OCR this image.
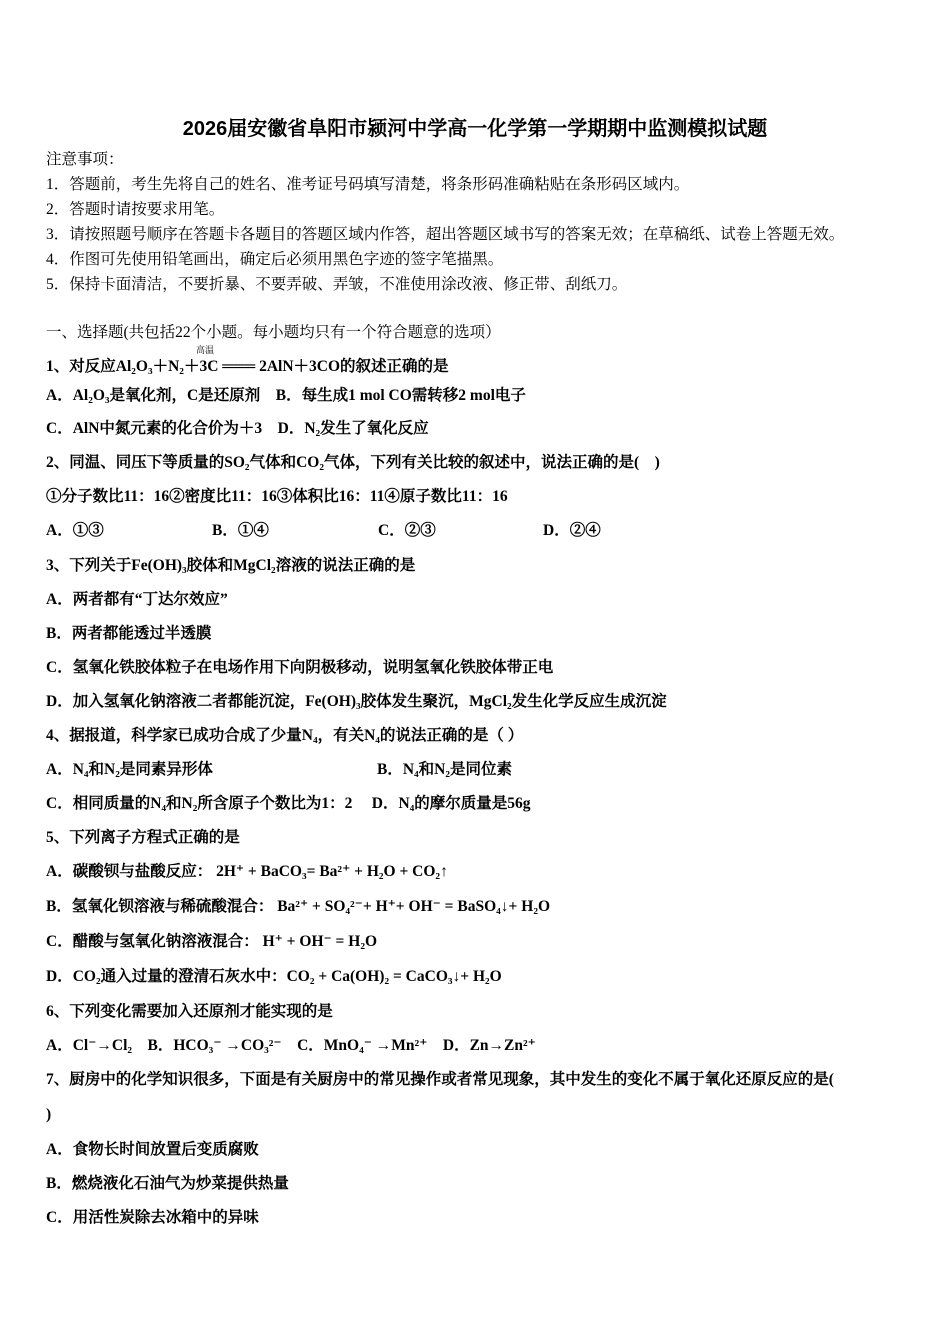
2026届安徽省阜阳市颍河中学高一化学第一学期期中监测模拟试题
注意事项：
1．答题前，考生先将自己的姓名、准考证号码填写清楚，将条形码准确粘贴在条形码区域内。
2．答题时请按要求用笔。
3．请按照题号顺序在答题卡各题目的答题区域内作答，超出答题区域书写的答案无效；在草稿纸、试卷上答题无效。
4．作图可先使用铅笔画出，确定后必须用黑色字迹的签字笔描黑。
5．保持卡面清洁，不要折暴、不要弄破、弄皱，不准使用涂改液、修正带、刮纸刀。
一、选择题(共包括22个小题。每小题均只有一个符合题意的选项）
高温
1、对反应Al₂O₃＋N₂＋3C ═══ 2AlN＋3CO的叙述正确的是
A．Al₂O₃是氧化剂，C是还原剂　B．每生成1 mol CO需转移2 mol电子
C．AlN中氮元素的化合价为＋3　D．N₂发生了氧化反应
2、同温、同压下等质量的SO₂气体和CO₂气体，下列有关比较的叙述中，说法正确的是(　)
①分子数比11：16②密度比11：16③体积比16：11④原子数比11：16
A．①③	B．①④	C．②③	D．②④
3、下列关于Fe(OH)₃胶体和MgCl₂溶液的说法正确的是
A．两者都有“丁达尔效应”
B．两者都能透过半透膜
C．氢氧化铁胶体粒子在电场作用下向阴极移动，说明氢氧化铁胶体带正电
D．加入氢氧化钠溶液二者都能沉淀，Fe(OH)₃胶体发生聚沉，MgCl₂发生化学反应生成沉淀
4、据报道，科学家已成功合成了少量N₄，有关N₄的说法正确的是（ ）
A．N₄和N₂是同素异形体	B．N₄和N₂是同位素
C．相同质量的N₄和N₂所含原子个数比为1：2　 D．N₄的摩尔质量是56g
5、下列离子方程式正确的是
A．碳酸钡与盐酸反应： 2H⁺ + BaCO₃= Ba²⁺ + H₂O + CO₂↑
B．氢氧化钡溶液与稀硫酸混合： Ba²⁺ + SO₄²⁻+ H⁺+ OH⁻ = BaSO₄↓+ H₂O
C．醋酸与氢氧化钠溶液混合： H⁺ + OH⁻ = H₂O
D．CO₂通入过量的澄清石灰水中：CO₂ + Ca(OH)₂ = CaCO₃↓+ H₂O
6、下列变化需要加入还原剂才能实现的是
A．Cl⁻→Cl₂　B．HCO₃⁻ →CO₃²⁻　C．MnO₄⁻ →Mn²⁺　D．Zn→Zn²⁺
7、厨房中的化学知识很多，下面是有关厨房中的常见操作或者常见现象，其中发生的变化不属于氧化还原反应的是(
)
A．食物长时间放置后变质腐败
B．燃烧液化石油气为炒菜提供热量
C．用活性炭除去冰箱中的异味
